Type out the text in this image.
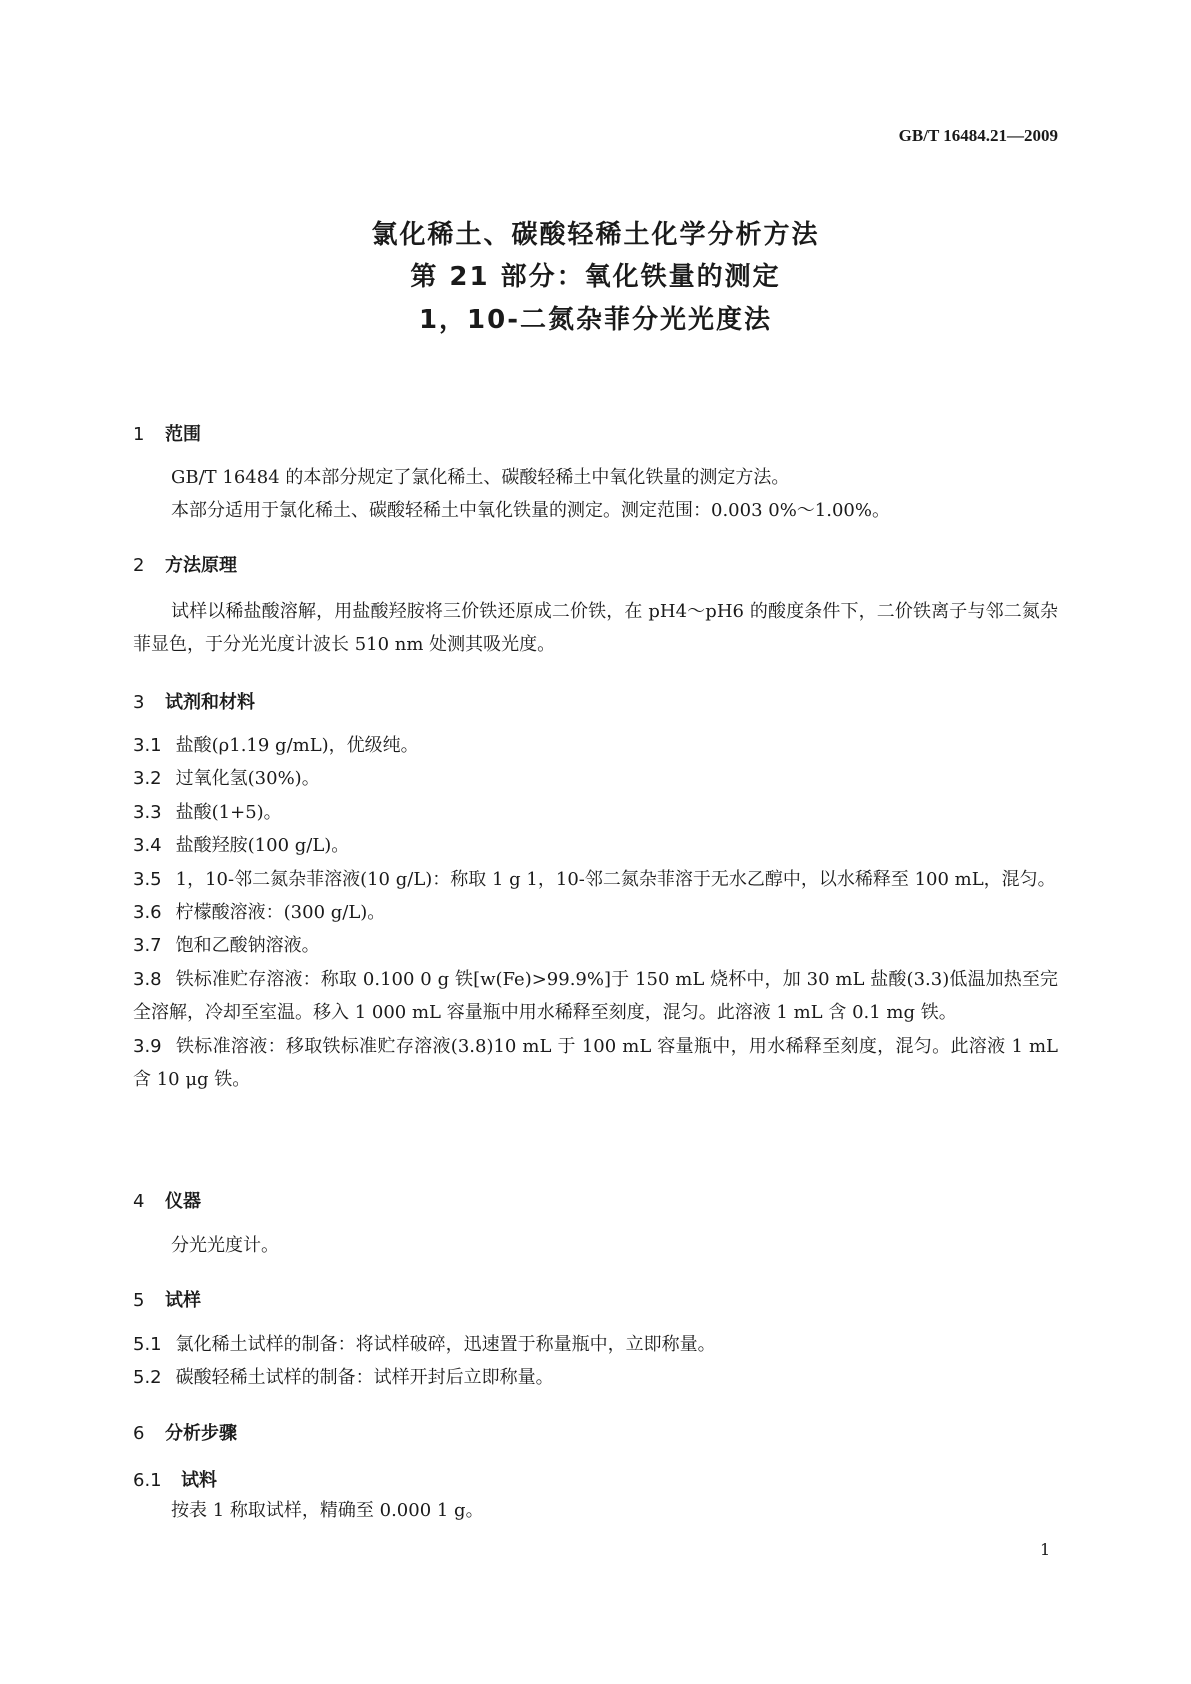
GB/T 16484.21—2009
氯化稀土、碳酸轻稀土化学分析方法
第 21 部分：氧化铁量的测定
1，10-二氮杂菲分光光度法
1 范围
GB/T 16484 的本部分规定了氯化稀土、碳酸轻稀土中氧化铁量的测定方法。
本部分适用于氯化稀土、碳酸轻稀土中氧化铁量的测定。测定范围：0.003 0%～1.00%。
2 方法原理
试样以稀盐酸溶解，用盐酸羟胺将三价铁还原成二价铁，在 pH4～pH6 的酸度条件下，二价铁离子与邻二氮杂菲显色，于分光光度计波长 510 nm 处测其吸光度。
3 试剂和材料
3.1 盐酸(ρ1.19 g/mL)，优级纯。
3.2 过氧化氢(30%)。
3.3 盐酸(1+5)。
3.4 盐酸羟胺(100 g/L)。
3.5 1，10-邻二氮杂菲溶液(10 g/L)：称取 1 g 1，10-邻二氮杂菲溶于无水乙醇中，以水稀释至 100 mL，混匀。
3.6 柠檬酸溶液：(300 g/L)。
3.7 饱和乙酸钠溶液。
3.8 铁标准贮存溶液：称取 0.100 0 g 铁[w(Fe)>99.9%]于 150 mL 烧杯中，加 30 mL 盐酸(3.3)低温加热至完全溶解，冷却至室温。移入 1 000 mL 容量瓶中用水稀释至刻度，混匀。此溶液 1 mL 含 0.1 mg 铁。
3.9 铁标准溶液：移取铁标准贮存溶液(3.8)10 mL 于 100 mL 容量瓶中，用水稀释至刻度，混匀。此溶液 1 mL 含 10 μg 铁。
4 仪器
分光光度计。
5 试样
5.1 氯化稀土试样的制备：将试样破碎，迅速置于称量瓶中，立即称量。
5.2 碳酸轻稀土试样的制备：试样开封后立即称量。
6 分析步骤
6.1 试料
按表 1 称取试样，精确至 0.000 1 g。
1
